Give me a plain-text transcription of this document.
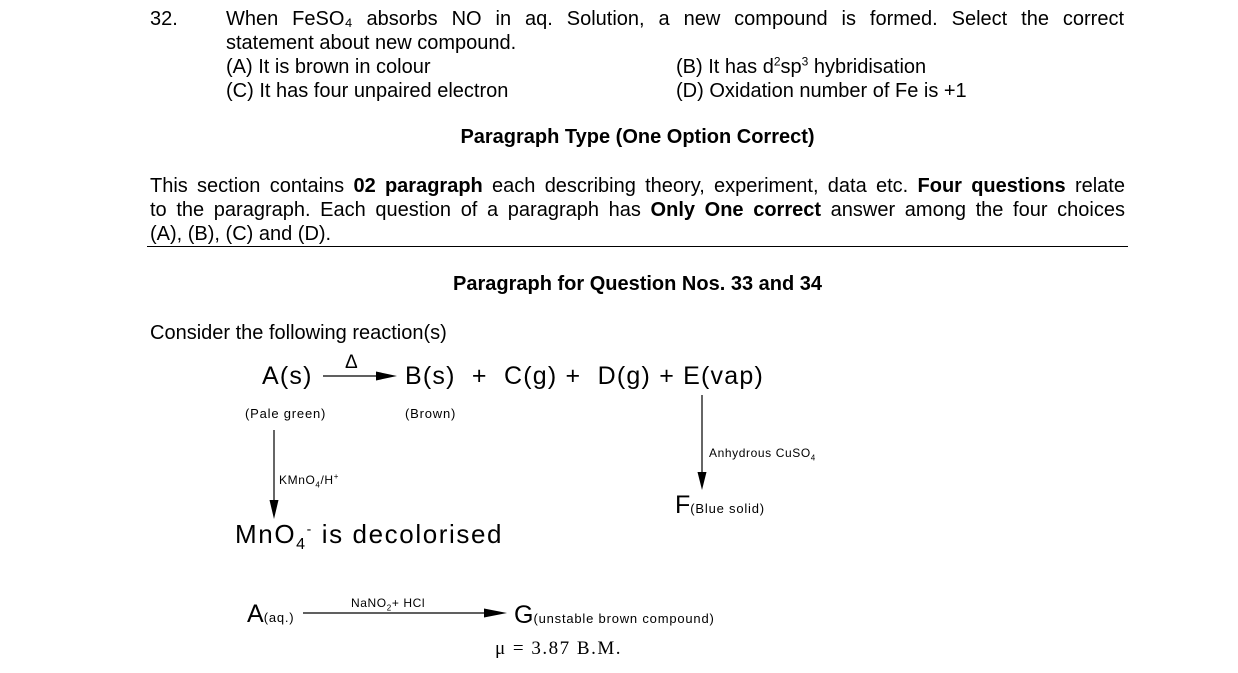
32. When FeSO₄ absorbs NO in aq. Solution, a new compound is formed. Select the correct
statement about new compound.
(A) It is brown in colour	(B) It has $d^2sp^3$ hybridisation
(C) It has four unpaired electron	(D) Oxidation number of Fe is +1
Paragraph Type (One Option Correct)
This section contains 02 paragraph each describing theory, experiment, data etc. Four questions relate
to the paragraph. Each question of a paragraph has Only One correct answer among the four choices
(A), (B), (C) and (D).
Paragraph for Question Nos. 33 and 34
Consider the following reaction(s)
A(s) Δ B(s)  +  C(g) +  D(g) + E(vap)
(Pale green)	(Brown)
KMnO$_4$/H+
MnO$_4$- is decolorised
Anhydrous CuSO$_4$
F(Blue solid)
A(aq.)
NaNO$_2$+ HCl	G(unstable brown compound)
μ = 3.87 B.M.
